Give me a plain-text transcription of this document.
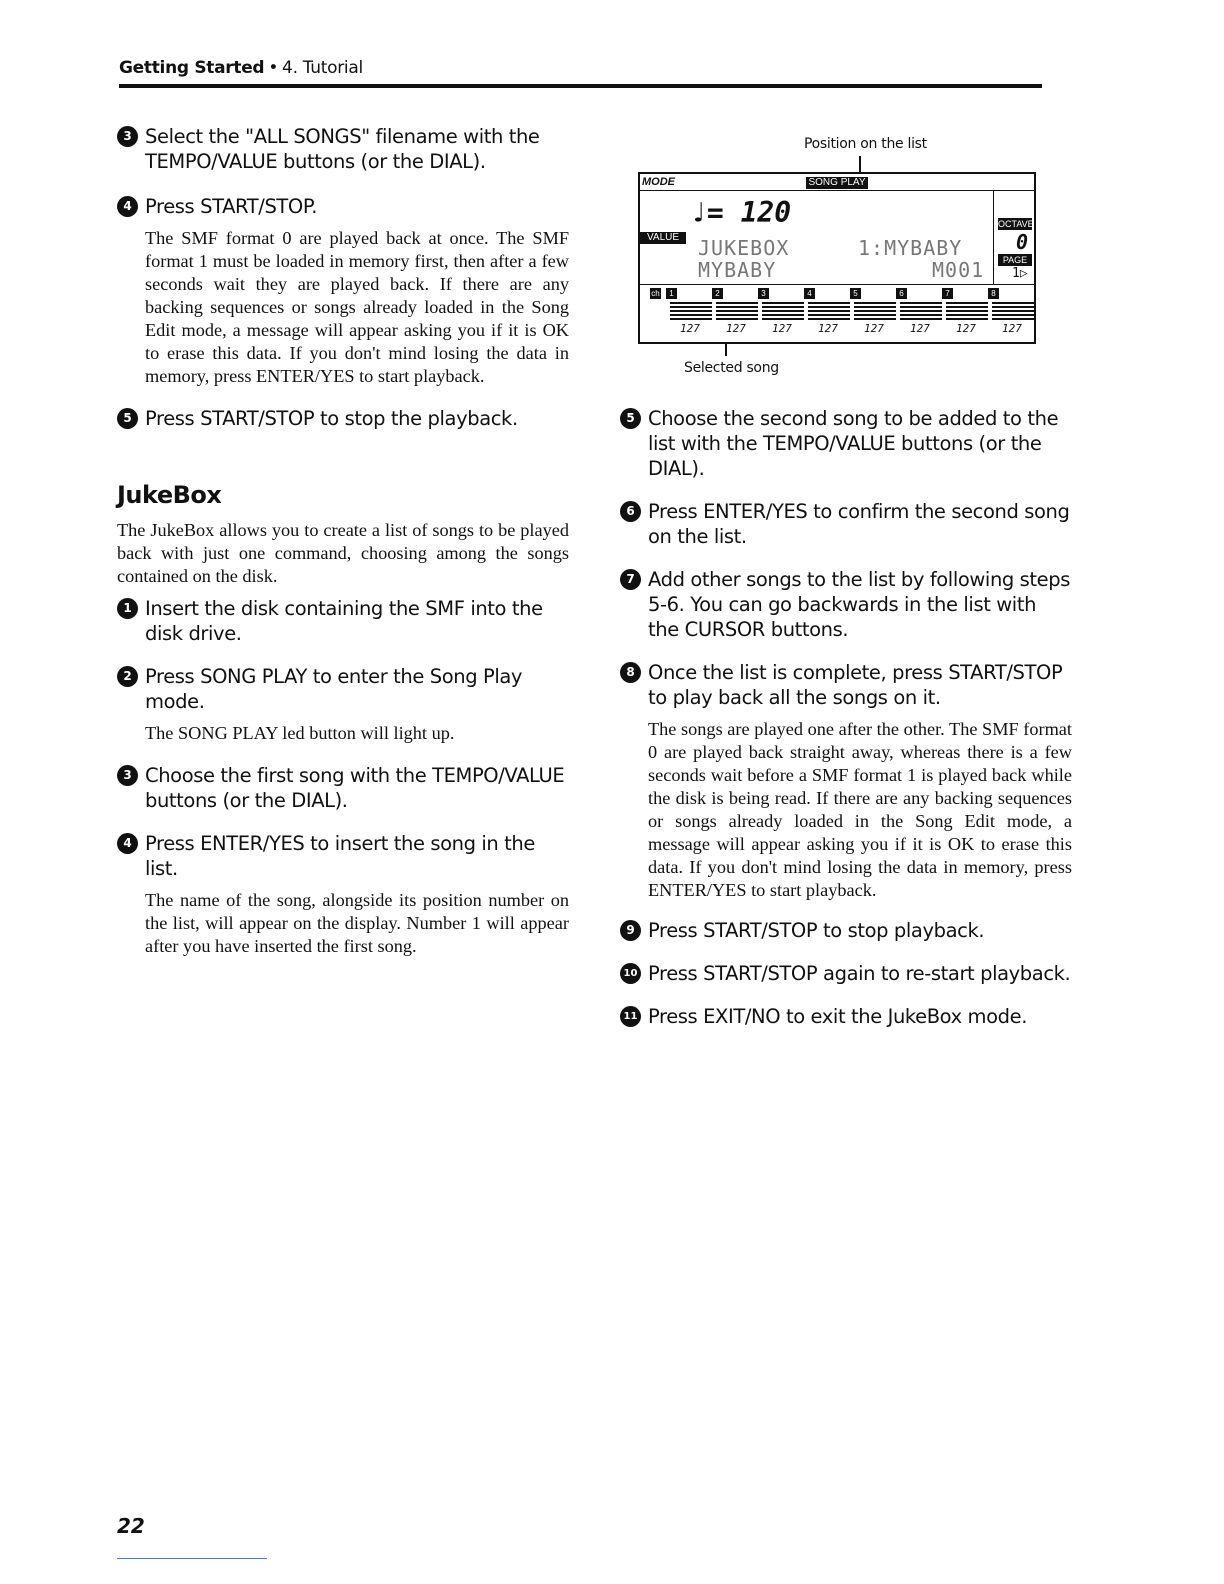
Getting Started • 4. Tutorial
3 Select the "ALL SONGS" filename with the TEMPO/VALUE buttons (or the DIAL).
4 Press START/STOP.
The SMF format 0 are played back at once. The SMF format 1 must be loaded in memory first, then after a few seconds wait they are played back. If there are any backing sequences or songs already loaded in the Song Edit mode, a message will appear asking you if it is OK to erase this data. If you don't mind losing the data in memory, press ENTER/YES to start playback.
5 Press START/STOP to stop the playback.
JukeBox
The JukeBox allows you to create a list of songs to be played back with just one command, choosing among the songs contained on the disk.
1 Insert the disk containing the SMF into the disk drive.
2 Press SONG PLAY to enter the Song Play mode.
The SONG PLAY led button will light up.
3 Choose the first song with the TEMPO/VALUE buttons (or the DIAL).
4 Press ENTER/YES to insert the song in the list.
The name of the song, alongside its position number on the list, will appear on the display. Number 1 will appear after you have inserted the first song.
Position on the list
Selected song
MODE	SONG PLAY
♩= 120
VALUE JUKEBOX
MYBABY
1:MYBABY
M001
OCTAVE
0
PAGE
1▷
ch	1
127
2
127
3
127
4
127
5
127
6
127
7
127
8
127
5 Choose the second song to be added to the list with the TEMPO/VALUE buttons (or the DIAL).
6 Press ENTER/YES to confirm the second song on the list.
7 Add other songs to the list by following steps 5-6. You can go backwards in the list with the CURSOR buttons.
8 Once the list is complete, press START/STOP to play back all the songs on it.
The songs are played one after the other. The SMF format 0 are played back straight away, whereas there is a few seconds wait before a SMF format 1 is played back while the disk is being read. If there are any backing sequences or songs already loaded in the Song Edit mode, a message will appear asking you if it is OK to erase this data. If you don't mind losing the data in memory, press ENTER/YES to start playback.
9 Press START/STOP to stop playback.
10 Press START/STOP again to re-start playback.
11 Press EXIT/NO to exit the JukeBox mode.
22
